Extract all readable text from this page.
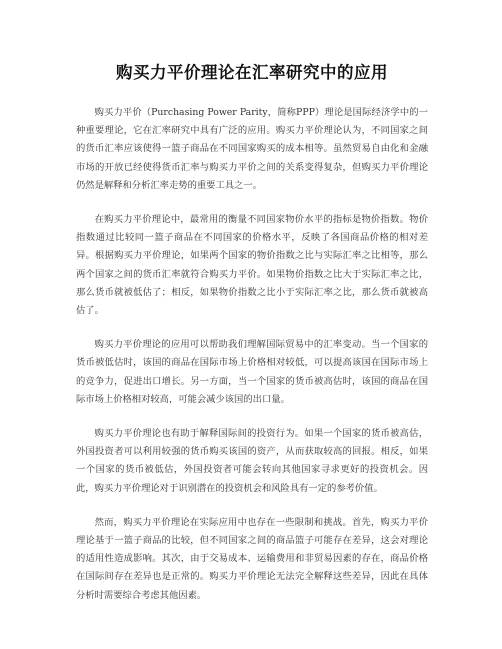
购买力平价理论在汇率研究中的应用

购买力平价（Purchasing Power Parity，简称PPP）理论是国际经济学中的一种重要理论，它在汇率研究中具有广泛的应用。购买力平价理论认为，不同国家之间的货币汇率应该使得一篮子商品在不同国家购买的成本相等。虽然贸易自由化和金融市场的开放已经使得货币汇率与购买力平价之间的关系变得复杂，但购买力平价理论仍然是解释和分析汇率走势的重要工具之一。

在购买力平价理论中，最常用的衡量不同国家物价水平的指标是物价指数。物价指数通过比较同一篮子商品在不同国家的价格水平，反映了各国商品价格的相对差异。根据购买力平价理论，如果两个国家的物价指数之比与实际汇率之比相等，那么两个国家之间的货币汇率就符合购买力平价。如果物价指数之比大于实际汇率之比，那么货币就被低估了；相反，如果物价指数之比小于实际汇率之比，那么货币就被高估了。

购买力平价理论的应用可以帮助我们理解国际贸易中的汇率变动。当一个国家的货币被低估时，该国的商品在国际市场上价格相对较低，可以提高该国在国际市场上的竞争力，促进出口增长。另一方面，当一个国家的货币被高估时，该国的商品在国际市场上价格相对较高，可能会减少该国的出口量。

购买力平价理论也有助于解释国际间的投资行为。如果一个国家的货币被高估，外国投资者可以利用较强的货币购买该国的资产，从而获取较高的回报。相反，如果一个国家的货币被低估，外国投资者可能会转向其他国家寻求更好的投资机会。因此，购买力平价理论对于识别潜在的投资机会和风险具有一定的参考价值。

然而，购买力平价理论在实际应用中也存在一些限制和挑战。首先，购买力平价理论基于一篮子商品的比较，但不同国家之间的商品篮子可能存在差异，这会对理论的适用性造成影响。其次，由于交易成本、运输费用和非贸易因素的存在，商品价格在国际间存在差异也是正常的。购买力平价理论无法完全解释这些差异，因此在具体分析时需要综合考虑其他因素。
